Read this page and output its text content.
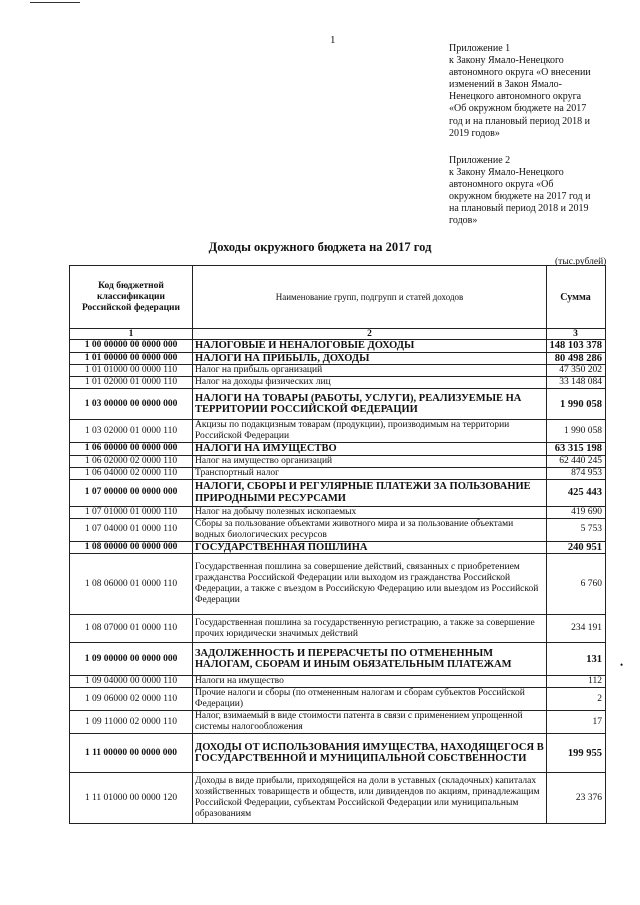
1

Приложение 1

к Закону Ямало-Ненецкого

автономного округа «О внесении

изменений в Закон Ямало-

Ненецкого автономного округа

«Об окружном бюджете на 2017

год и на плановый период 2018 и

2019 годов»

Приложение 2

к Закону Ямало-Ненецкого

автономного округа «Об

окружном бюджете на 2017 год и

на плановый период 2018 и 2019

годов»

Доходы окружного бюджета на 2017 год
(тыс.рублей)
Код бюджетной классификации Российской федерации	Наименование групп, подгрупп и статей доходов	Сумма
1	2	3
1 00 00000 00 0000 000	НАЛОГОВЫЕ И НЕНАЛОГОВЫЕ ДОХОДЫ	148 103 378
1 01 00000 00 0000 000	НАЛОГИ НА ПРИБЫЛЬ, ДОХОДЫ	80 498 286
1 01 01000 00 0000 110	Налог на прибыль организаций	47 350 202
1 01 02000 01 0000 110	Налог на доходы физических лиц	33 148 084
1 03 00000 00 0000 000	НАЛОГИ НА ТОВАРЫ (РАБОТЫ, УСЛУГИ), РЕАЛИЗУЕМЫЕ НА ТЕРРИТОРИИ РОССИЙСКОЙ ФЕДЕРАЦИИ	1 990 058
1 03 02000 01 0000 110	Акцизы по подакцизным товарам (продукции), производимым на территории Российской Федерации	1 990 058
1 06 00000 00 0000 000	НАЛОГИ НА ИМУЩЕСТВО	63 315 198
1 06 02000 02 0000 110	Налог на имущество организаций	62 440 245
1 06 04000 02 0000 110	Транспортный налог	874 953
1 07 00000 00 0000 000	НАЛОГИ, СБОРЫ И РЕГУЛЯРНЫЕ ПЛАТЕЖИ ЗА ПОЛЬЗОВАНИЕ ПРИРОДНЫМИ РЕСУРСАМИ	425 443
1 07 01000 01 0000 110	Налог на добычу полезных ископаемых	419 690
1 07 04000 01 0000 110	Сборы за пользование объектами животного мира и за пользование объектами водных биологических ресурсов	5 753
1 08 00000 00 0000 000	ГОСУДАРСТВЕННАЯ ПОШЛИНА	240 951
1 08 06000 01 0000 110	Государственная пошлина за совершение действий, связанных с приобретением гражданства Российской Федерации или выходом из гражданства Российской Федерации, а также с въездом в Российскую Федерацию или выездом из Российской Федерации	6 760
1 08 07000 01 0000 110	Государственная пошлина за государственную регистрацию, а также за совершение прочих юридически значимых действий	234 191
1 09 00000 00 0000 000	ЗАДОЛЖЕННОСТЬ И ПЕРЕРАСЧЕТЫ ПО ОТМЕНЕННЫМ НАЛОГАМ, СБОРАМ И ИНЫМ ОБЯЗАТЕЛЬНЫМ ПЛАТЕЖАМ	131
1 09 04000 00 0000 110	Налоги на имущество	112
1 09 06000 02 0000 110	Прочие налоги и сборы (по отмененным налогам и сборам субъектов Российской Федерации)	2
1 09 11000 02 0000 110	Налог, взимаемый в виде стоимости патента в связи с применением упрощенной системы налогообложения	17
1 11 00000 00 0000 000	ДОХОДЫ ОТ ИСПОЛЬЗОВАНИЯ ИМУЩЕСТВА, НАХОДЯЩЕГОСЯ В ГОСУДАРСТВЕННОЙ И МУНИЦИПАЛЬНОЙ СОБСТВЕННОСТИ	199 955
1 11 01000 00 0000 120	Доходы в виде прибыли, приходящейся на доли в уставных (складочных) капиталах хозяйственных товариществ и обществ, или дивидендов по акциям, принадлежащим Российской Федерации, субъектам Российской Федерации или муниципальным образованиям	23 376
•
